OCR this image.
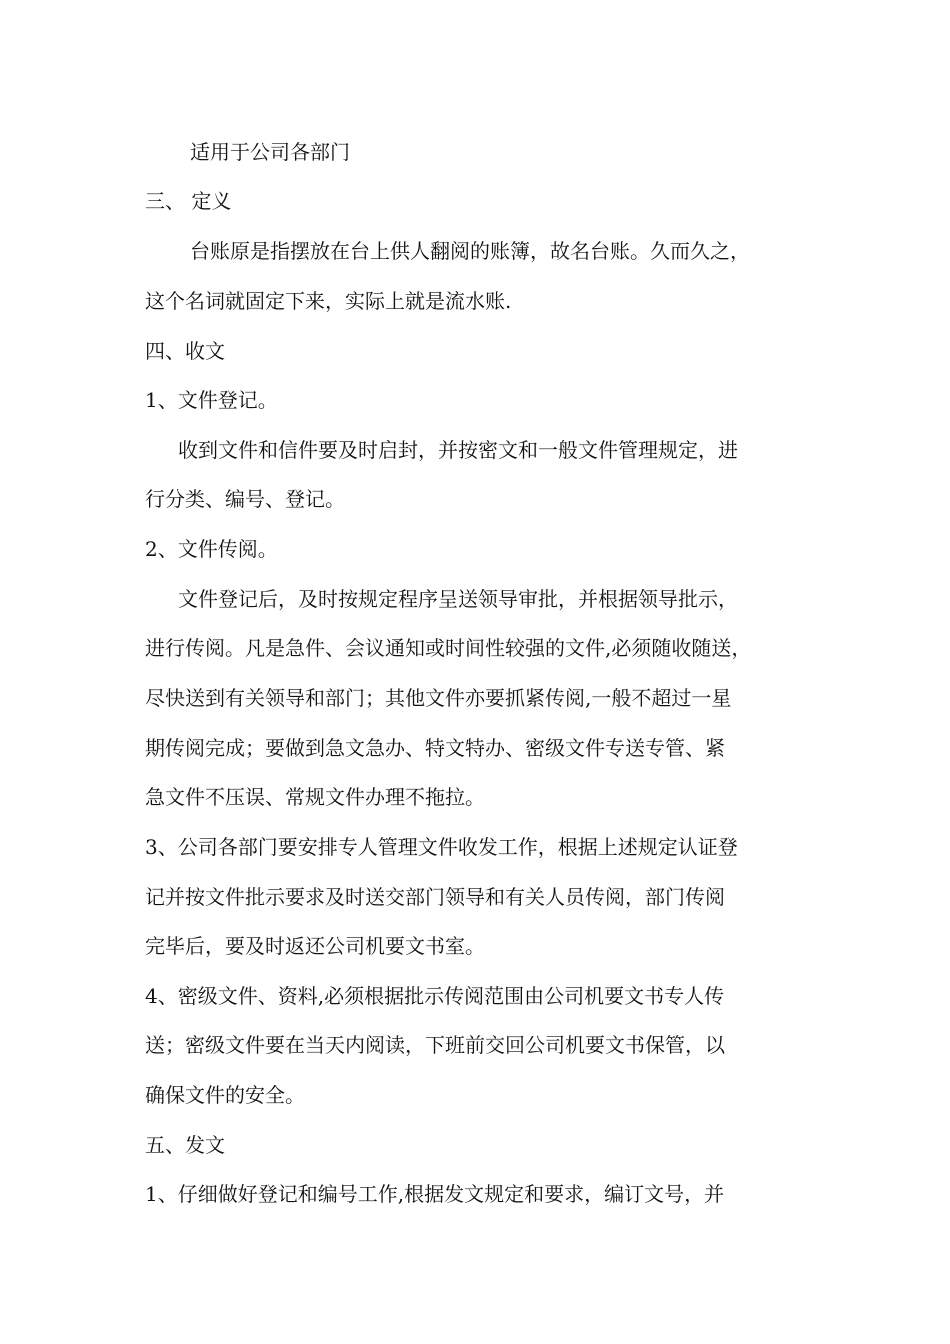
适用于公司各部门
三、 定义
台账原是指摆放在台上供人翻阅的账簿，故名台账。久而久之，
这个名词就固定下来，实际上就是流水账.
四、收文
1、文件登记。
收到文件和信件要及时启封，并按密文和一般文件管理规定，进
行分类、编号、登记。
2、文件传阅。
文件登记后，及时按规定程序呈送领导审批，并根据领导批示，
进行传阅。凡是急件、会议通知或时间性较强的文件,必须随收随送，
尽快送到有关领导和部门；其他文件亦要抓紧传阅,一般不超过一星
期传阅完成；要做到急文急办、特文特办、密级文件专送专管、紧
急文件不压误、常规文件办理不拖拉。
3、公司各部门要安排专人管理文件收发工作，根据上述规定认证登
记并按文件批示要求及时送交部门领导和有关人员传阅，部门传阅
完毕后，要及时返还公司机要文书室。
4、密级文件、资料,必须根据批示传阅范围由公司机要文书专人传
送；密级文件要在当天内阅读，下班前交回公司机要文书保管，以
确保文件的安全。
五、发文
1、仔细做好登记和编号工作,根据发文规定和要求，编订文号，并
